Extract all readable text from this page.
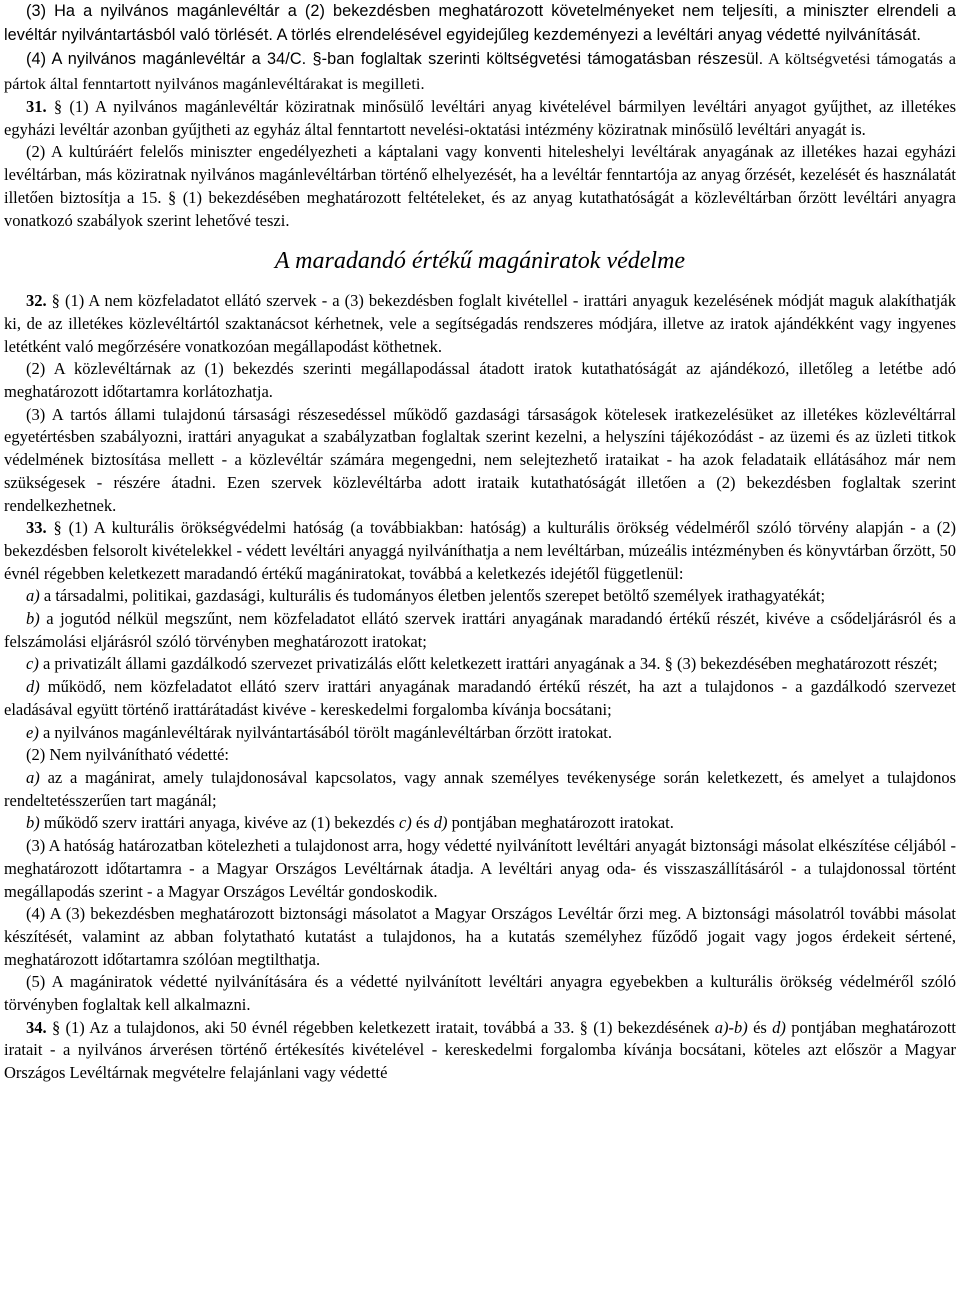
(3) Ha a nyilvános magánlevéltár a (2) bekezdésben meghatározott követelményeket nem teljesíti, a miniszter elrendeli a levéltár nyilvántartásból való törlését. A törlés elrendelésével egyidejűleg kezdeményezi a levéltári anyag védetté nyilvánítását.

(4) A nyilvános magánlevéltár a 34/C. §-ban foglaltak szerinti költségvetési támogatásban részesül. A költségvetési támogatás a pártok által fenntartott nyilvános magánlevéltárakat is megilleti.

31. § (1) A nyilvános magánlevéltár köziratnak minősülő levéltári anyag kivételével bármilyen levéltári anyagot gyűjthet, az illetékes egyházi levéltár azonban gyűjtheti az egyház által fenntartott nevelési-oktatási intézmény köziratnak minősülő levéltári anyagát is.

(2) A kultúráért felelős miniszter engedélyezheti a káptalani vagy konventi hiteleshelyi levéltárak anyagának az illetékes hazai egyházi levéltárban, más köziratnak nyilvános magánlevéltárban történő elhelyezését, ha a levéltár fenntartója az anyag őrzését, kezelését és használatát illetően biztosítja a 15. § (1) bekezdésében meghatározott feltételeket, és az anyag kutathatóságát a közlevéltárban őrzött levéltári anyagra vonatkozó szabályok szerint lehetővé teszi.

A maradandó értékű magániratok védelme

32. § (1) A nem közfeladatot ellátó szervek - a (3) bekezdésben foglalt kivétellel - irattári anyaguk kezelésének módját maguk alakíthatják ki, de az illetékes közlevéltártól szaktanácsot kérhetnek, vele a segítségadás rendszeres módjára, illetve az iratok ajándékként vagy ingyenes letétként való megőrzésére vonatkozóan megállapodást köthetnek.

(2) A közlevéltárnak az (1) bekezdés szerinti megállapodással átadott iratok kutathatóságát az ajándékozó, illetőleg a letétbe adó meghatározott időtartamra korlátozhatja.

(3) A tartós állami tulajdonú társasági részesedéssel működő gazdasági társaságok kötelesek iratkezelésüket az illetékes közlevéltárral egyetértésben szabályozni, irattári anyagukat a szabályzatban foglaltak szerint kezelni, a helyszíni tájékozódást - az üzemi és az üzleti titkok védelmének biztosítása mellett - a közlevéltár számára megengedni, nem selejtezhető irataikat - ha azok feladataik ellátásához már nem szükségesek - részére átadni. Ezen szervek közlevéltárba adott irataik kutathatóságát illetően a (2) bekezdésben foglaltak szerint rendelkezhetnek.

33. § (1) A kulturális örökségvédelmi hatóság (a továbbiakban: hatóság) a kulturális örökség védelméről szóló törvény alapján - a (2) bekezdésben felsorolt kivételekkel - védett levéltári anyaggá nyilváníthatja a nem levéltárban, múzeális intézményben és könyvtárban őrzött, 50 évnél régebben keletkezett maradandó értékű magániratokat, továbbá a keletkezés idejétől függetlenül:

a) a társadalmi, politikai, gazdasági, kulturális és tudományos életben jelentős szerepet betöltő személyek irathagyatékát;

b) a jogutód nélkül megszűnt, nem közfeladatot ellátó szervek irattári anyagának maradandó értékű részét, kivéve a csődeljárásról és a felszámolási eljárásról szóló törvényben meghatározott iratokat;

c) a privatizált állami gazdálkodó szervezet privatizálás előtt keletkezett irattári anyagának a 34. § (3) bekezdésében meghatározott részét;

d) működő, nem közfeladatot ellátó szerv irattári anyagának maradandó értékű részét, ha azt a tulajdonos - a gazdálkodó szervezet eladásával együtt történő irattárátadást kivéve - kereskedelmi forgalomba kívánja bocsátani;

e) a nyilvános magánlevéltárak nyilvántartásából törölt magánlevéltárban őrzött iratokat.

(2) Nem nyilvánítható védetté:

a) az a magánirat, amely tulajdonosával kapcsolatos, vagy annak személyes tevékenysége során keletkezett, és amelyet a tulajdonos rendeltetésszerűen tart magánál;

b) működő szerv irattári anyaga, kivéve az (1) bekezdés c) és d) pontjában meghatározott iratokat.

(3) A hatóság határozatban kötelezheti a tulajdonost arra, hogy védetté nyilvánított levéltári anyagát biztonsági másolat elkészítése céljából - meghatározott időtartamra - a Magyar Országos Levéltárnak átadja. A levéltári anyag oda- és visszaszállításáról - a tulajdonossal történt megállapodás szerint - a Magyar Országos Levéltár gondoskodik.

(4) A (3) bekezdésben meghatározott biztonsági másolatot a Magyar Országos Levéltár őrzi meg. A biztonsági másolatról további másolat készítését, valamint az abban folytatható kutatást a tulajdonos, ha a kutatás személyhez fűződő jogait vagy jogos érdekeit sértené, meghatározott időtartamra szólóan megtilthatja.

(5) A magániratok védetté nyilvánítására és a védetté nyilvánított levéltári anyagra egyebekben a kulturális örökség védelméről szóló törvényben foglaltak kell alkalmazni.

34. § (1) Az a tulajdonos, aki 50 évnél régebben keletkezett iratait, továbbá a 33. § (1) bekezdésének a)-b) és d) pontjában meghatározott iratait - a nyilvános árverésen történő értékesítés kivételével - kereskedelmi forgalomba kívánja bocsátani, köteles azt először a Magyar Országos Levéltárnak megvételre felajánlani vagy védetté
